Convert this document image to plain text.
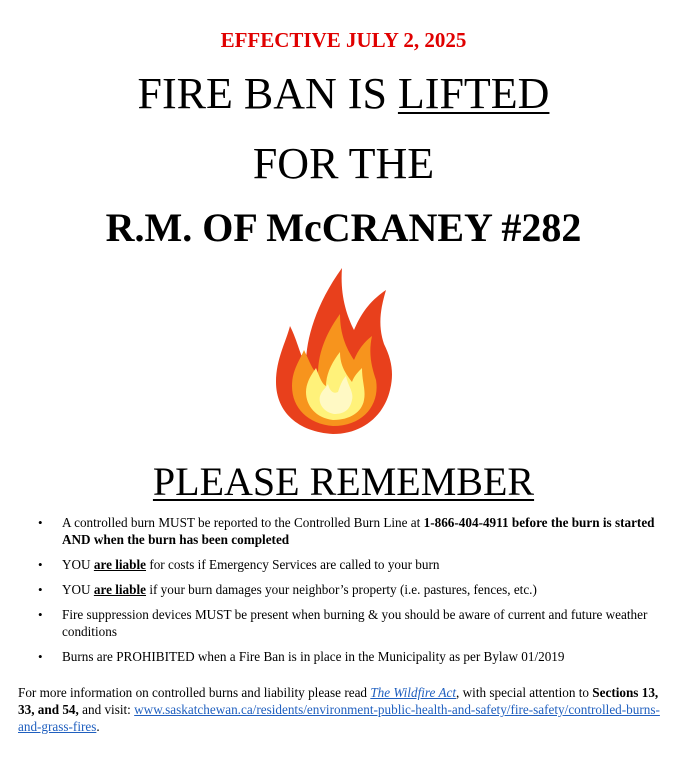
EFFECTIVE JULY 2, 2025
FIRE BAN IS LIFTED
FOR THE
R.M. OF McCRANEY #282
PLEASE REMEMBER
• A controlled burn MUST be reported to the Controlled Burn Line at 1-866-404-4911 before the burn is started AND when the burn has been completed
• YOU are liable for costs if Emergency Services are called to your burn
• YOU are liable if your burn damages your neighbor’s property (i.e. pastures, fences, etc.)
• Fire suppression devices MUST be present when burning & you should be aware of current and future weather conditions
• Burns are PROHIBITED when a Fire Ban is in place in the Municipality as per Bylaw 01/2019
For more information on controlled burns and liability please read The Wildfire Act, with special attention to Sections 13, 33, and 54, and visit: www.saskatchewan.ca/residents/environment-public-health-and-safety/fire-safety/controlled-burns-and-grass-fires.
